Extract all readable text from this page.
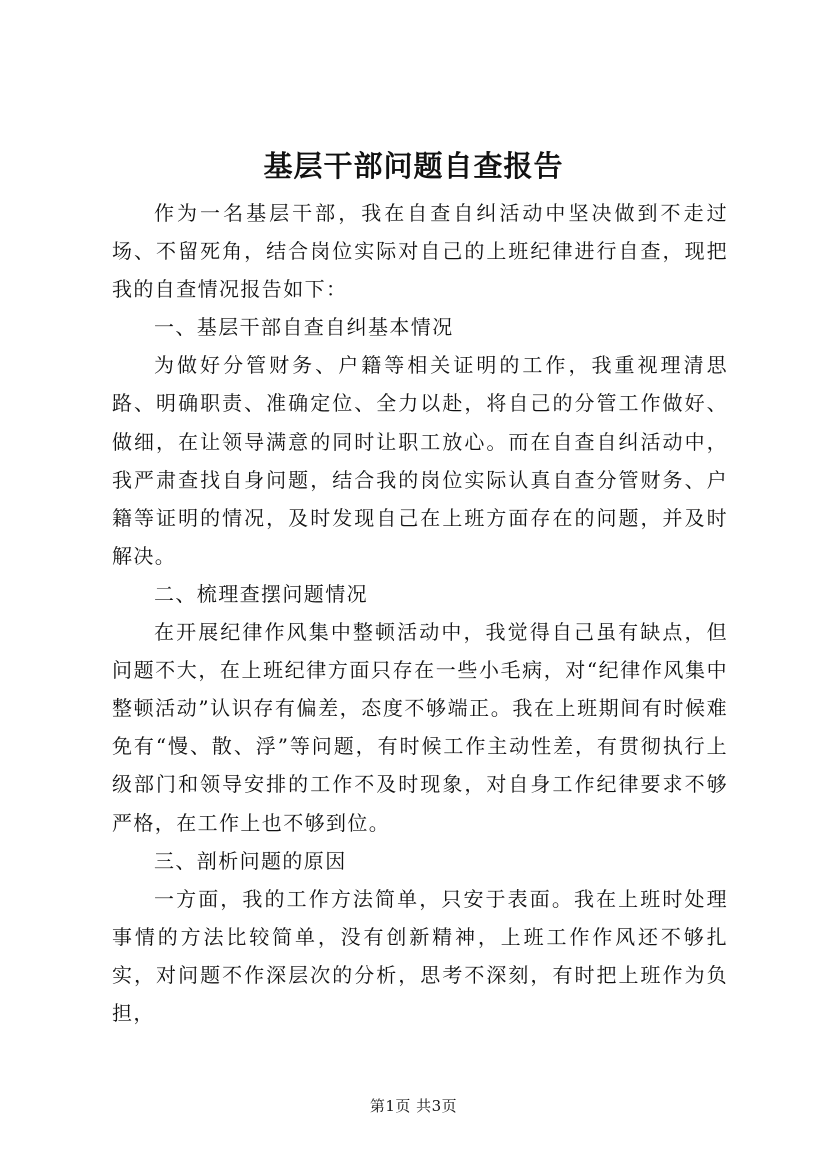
基层干部问题自查报告

作为一名基层干部，我在自查自纠活动中坚决做到不走过场、不留死角，结合岗位实际对自己的上班纪律进行自查，现把我的自查情况报告如下：

一、基层干部自查自纠基本情况

为做好分管财务、户籍等相关证明的工作，我重视理清思路、明确职责、准确定位、全力以赴，将自己的分管工作做好、做细，在让领导满意的同时让职工放心。而在自查自纠活动中，我严肃查找自身问题，结合我的岗位实际认真自查分管财务、户籍等证明的情况，及时发现自己在上班方面存在的问题，并及时解决。

二、梳理查摆问题情况

在开展纪律作风集中整顿活动中，我觉得自己虽有缺点，但问题不大，在上班纪律方面只存在一些小毛病，对“纪律作风集中整顿活动”认识存有偏差，态度不够端正。我在上班期间有时候难免有“慢、散、浮”等问题，有时候工作主动性差，有贯彻执行上级部门和领导安排的工作不及时现象，对自身工作纪律要求不够严格，在工作上也不够到位。

三、剖析问题的原因

一方面，我的工作方法简单，只安于表面。我在上班时处理事情的方法比较简单，没有创新精神，上班工作作风还不够扎实，对问题不作深层次的分析，思考不深刻，有时把上班作为负担，

第1页 共3页
